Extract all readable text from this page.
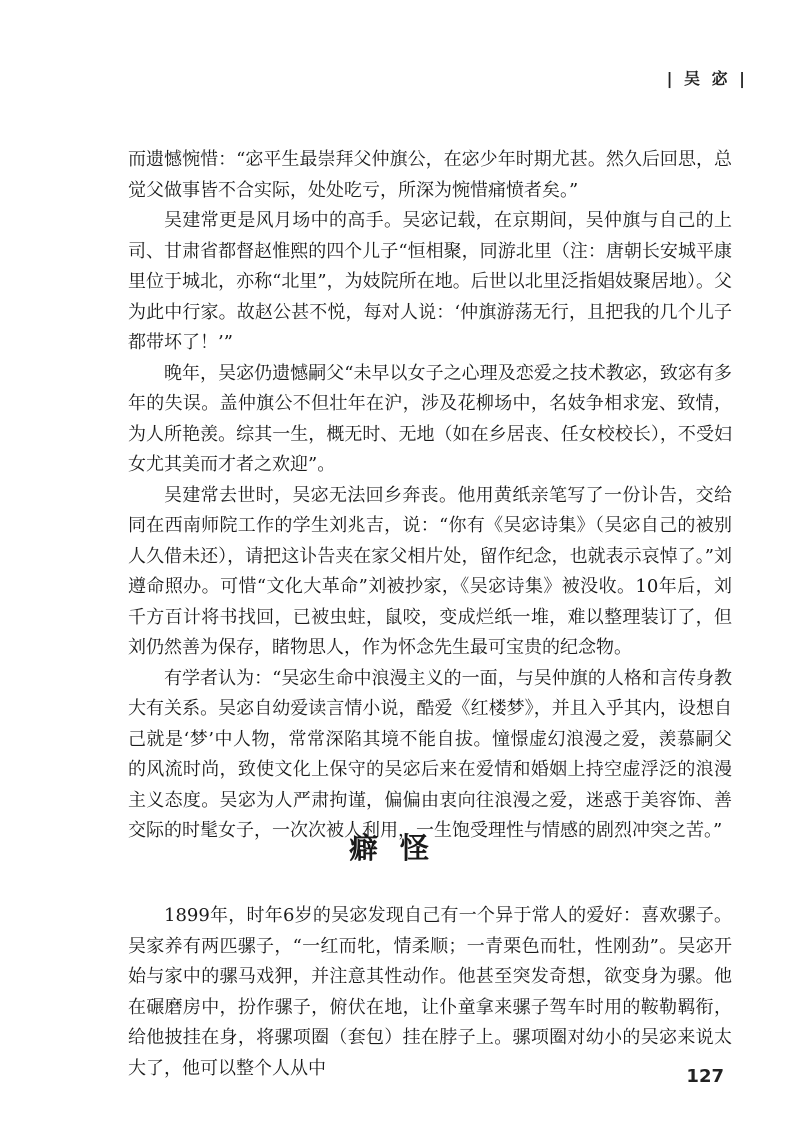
| 吴 宓 |

而遗憾惋惜：“宓平生最崇拜父仲旗公，在宓少年时期尤甚。然久后回思，总觉父做事皆不合实际，处处吃亏，所深为惋惜痛愤者矣。”

吴建常更是风月场中的高手。吴宓记载，在京期间，吴仲旗与自己的上司、甘肃省都督赵惟熙的四个儿子“恒相聚，同游北里（注：唐朝长安城平康里位于城北，亦称“北里”，为妓院所在地。后世以北里泛指娼妓聚居地）。父为此中行家。故赵公甚不悦，每对人说：‘仲旗游荡无行，且把我的几个儿子都带坏了！’”

晚年，吴宓仍遗憾嗣父“未早以女子之心理及恋爱之技术教宓，致宓有多年的失误。盖仲旗公不但壮年在沪，涉及花柳场中，名妓争相求宠、致情，为人所艳羡。综其一生，概无时、无地（如在乡居丧、任女校校长），不受妇女尤其美而才者之欢迎”。

吴建常去世时，吴宓无法回乡奔丧。他用黄纸亲笔写了一份讣告，交给同在西南师院工作的学生刘兆吉，说：“你有《吴宓诗集》（吴宓自己的被别人久借未还），请把这讣告夹在家父相片处，留作纪念，也就表示哀悼了。”刘遵命照办。可惜“文化大革命”刘被抄家，《吴宓诗集》被没收。10年后，刘千方百计将书找回，已被虫蛀，鼠咬，变成烂纸一堆，难以整理装订了，但刘仍然善为保存，睹物思人，作为怀念先生最可宝贵的纪念物。

有学者认为：“吴宓生命中浪漫主义的一面，与吴仲旗的人格和言传身教大有关系。吴宓自幼爱读言情小说，酷爱《红楼梦》，并且入乎其内，设想自己就是‘梦’中人物，常常深陷其境不能自拔。憧憬虚幻浪漫之爱，羡慕嗣父的风流时尚，致使文化上保守的吴宓后来在爱情和婚姻上持空虚浮泛的浪漫主义态度。吴宓为人严肃拘谨，偏偏由衷向往浪漫之爱，迷惑于美容饰、善交际的时髦女子，一次次被人利用，一生饱受理性与情感的剧烈冲突之苦。”

癖怪

1899年，时年6岁的吴宓发现自己有一个异于常人的爱好：喜欢骡子。吴家养有两匹骡子，“一红而牝，情柔顺；一青栗色而牡，性刚劲”。吴宓开始与家中的骡马戏狎，并注意其性动作。他甚至突发奇想，欲变身为骡。他在碾磨房中，扮作骡子，俯伏在地，让仆童拿来骡子驾车时用的鞍勒羁衔，给他披挂在身，将骡项圈（套包）挂在脖子上。骡项圈对幼小的吴宓来说太大了，他可以整个人从中	127
